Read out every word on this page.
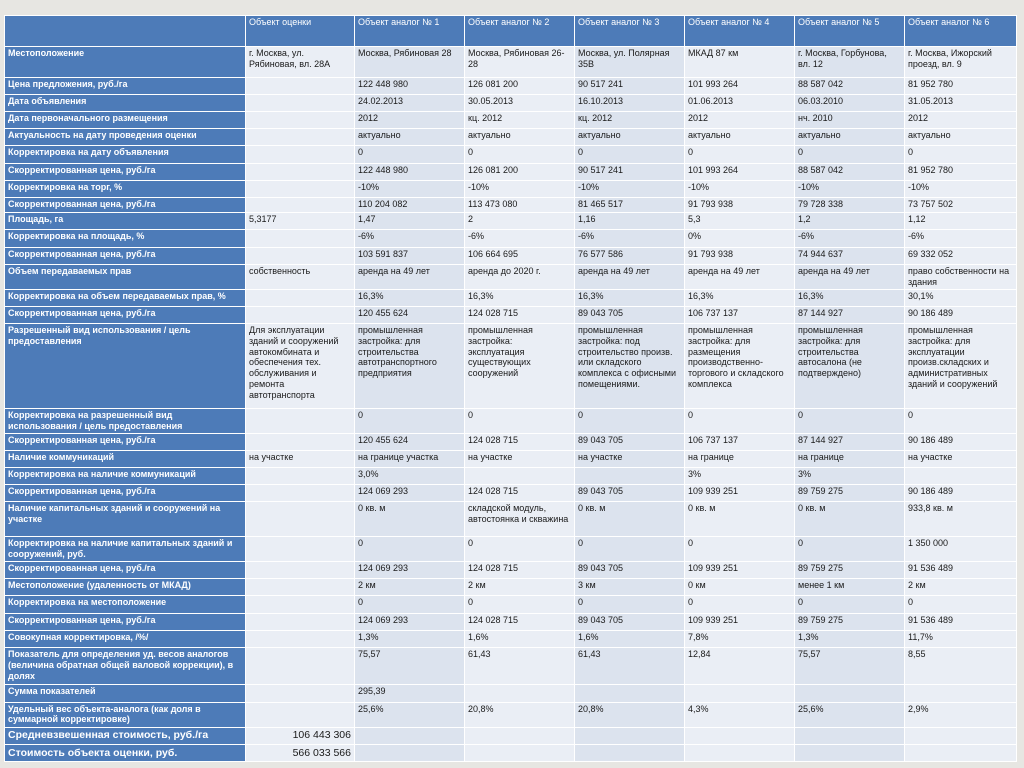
	Объект оценки	Объект аналог № 1	Объект аналог № 2	Объект аналог № 3	Объект аналог № 4	Объект аналог № 5	Объект аналог № 6
Местоположение	г. Москва, ул. Рябиновая, вл. 28А	Москва, Рябиновая 28	Москва, Рябиновая 26-28	Москва, ул. Полярная 35В	МКАД 87 км	г. Москва, Горбунова, вл. 12	г. Москва, Ижорский проезд, вл. 9
Цена предложения, руб./га		122 448 980	126 081 200	90 517 241	101 993 264	88 587 042	81 952 780
Дата объявления		24.02.2013	30.05.2013	16.10.2013	01.06.2013	06.03.2010	31.05.2013
Дата первоначального размещения		2012	кц. 2012	кц. 2012	2012	нч. 2010	2012
Актуальность на дату проведения оценки		актуально	актуально	актуально	актуально	актуально	актуально
Корректировка на дату объявления		0	0	0	0	0	0
Скорректированная цена, руб./га		122 448 980	126 081 200	90 517 241	101 993 264	88 587 042	81 952 780
Корректировка на торг, %		-10%	-10%	-10%	-10%	-10%	-10%
Скорректированная цена, руб./га		110 204 082	113 473 080	81 465 517	91 793 938	79 728 338	73 757 502
Площадь, га	5,3177	1,47	2	1,16	5,3	1,2	1,12
Корректировка на площадь, %		-6%	-6%	-6%	0%	-6%	-6%
Скорректированная цена, руб./га		103 591 837	106 664 695	76 577 586	91 793 938	74 944 637	69 332 052
Объем передаваемых прав	собственность	аренда на 49 лет	аренда до 2020 г.	аренда на 49 лет	аренда на 49 лет	аренда на 49 лет	право собственности на здания
Корректировка на объем передаваемых прав, %		16,3%	16,3%	16,3%	16,3%	16,3%	30,1%
Скорректированная цена, руб./га		120 455 624	124 028 715	89 043 705	106 737 137	87 144 927	90 186 489
Разрешенный вид использования / цель предоставления	Для эксплуатации зданий и сооружений автокомбината и обеспечения тех. обслуживания и ремонта автотранспорта	промышленная застройка: для строительства автотранспортного предприятия	промышленная застройка: эксплуатация существующих сооружений	промышленная застройка: под строительство произв. или складского комплекса с офисными помещениями.	промышленная застройка: для размещения производственно-торгового и складского комплекса	промышленная застройка: для строительства автосалона (не подтверждено)	промышленная застройка: для эксплуатации произв.складских и административных зданий и сооружений
Корректировка на разрешенный вид использования / цель предоставления		0	0	0	0	0	0
Скорректированная цена, руб./га		120 455 624	124 028 715	89 043 705	106 737 137	87 144 927	90 186 489
Наличие коммуникаций	на участке	на границе участка	на участке	на участке	на границе	на границе	на участке
Корректировка на наличие коммуникаций		3,0%			3%	3%	
Скорректированная цена, руб./га		124 069 293	124 028 715	89 043 705	109 939 251	89 759 275	90 186 489
Наличие капитальных зданий и сооружений на участке		0 кв. м	складской модуль, автостоянка и скважина	0 кв. м	0 кв. м	0 кв. м	933,8 кв. м
Корректировка на наличие капитальных зданий и сооружений, руб.		0	0	0	0	0	1 350 000
Скорректированная цена, руб./га		124 069 293	124 028 715	89 043 705	109 939 251	89 759 275	91 536 489
Местоположение (удаленность от МКАД)		2 км	2 км	3 км	0 км	менее 1 км	2 км
Корректировка на местоположение		0	0	0	0	0	0
Скорректированная цена, руб./га		124 069 293	124 028 715	89 043 705	109 939 251	89 759 275	91 536 489
Совокупная корректировка, /%/		1,3%	1,6%	1,6%	7,8%	1,3%	11,7%
Показатель для определения уд. весов аналогов (величина обратная общей валовой коррекции), в долях		75,57	61,43	61,43	12,84	75,57	8,55
Сумма показателей		295,39					
Удельный вес объекта-аналога (как доля в суммарной корректировке)		25,6%	20,8%	20,8%	4,3%	25,6%	2,9%
Средневзвешенная стоимость, руб./га	106 443 306						
Стоимость объекта оценки, руб.	566 033 566						
